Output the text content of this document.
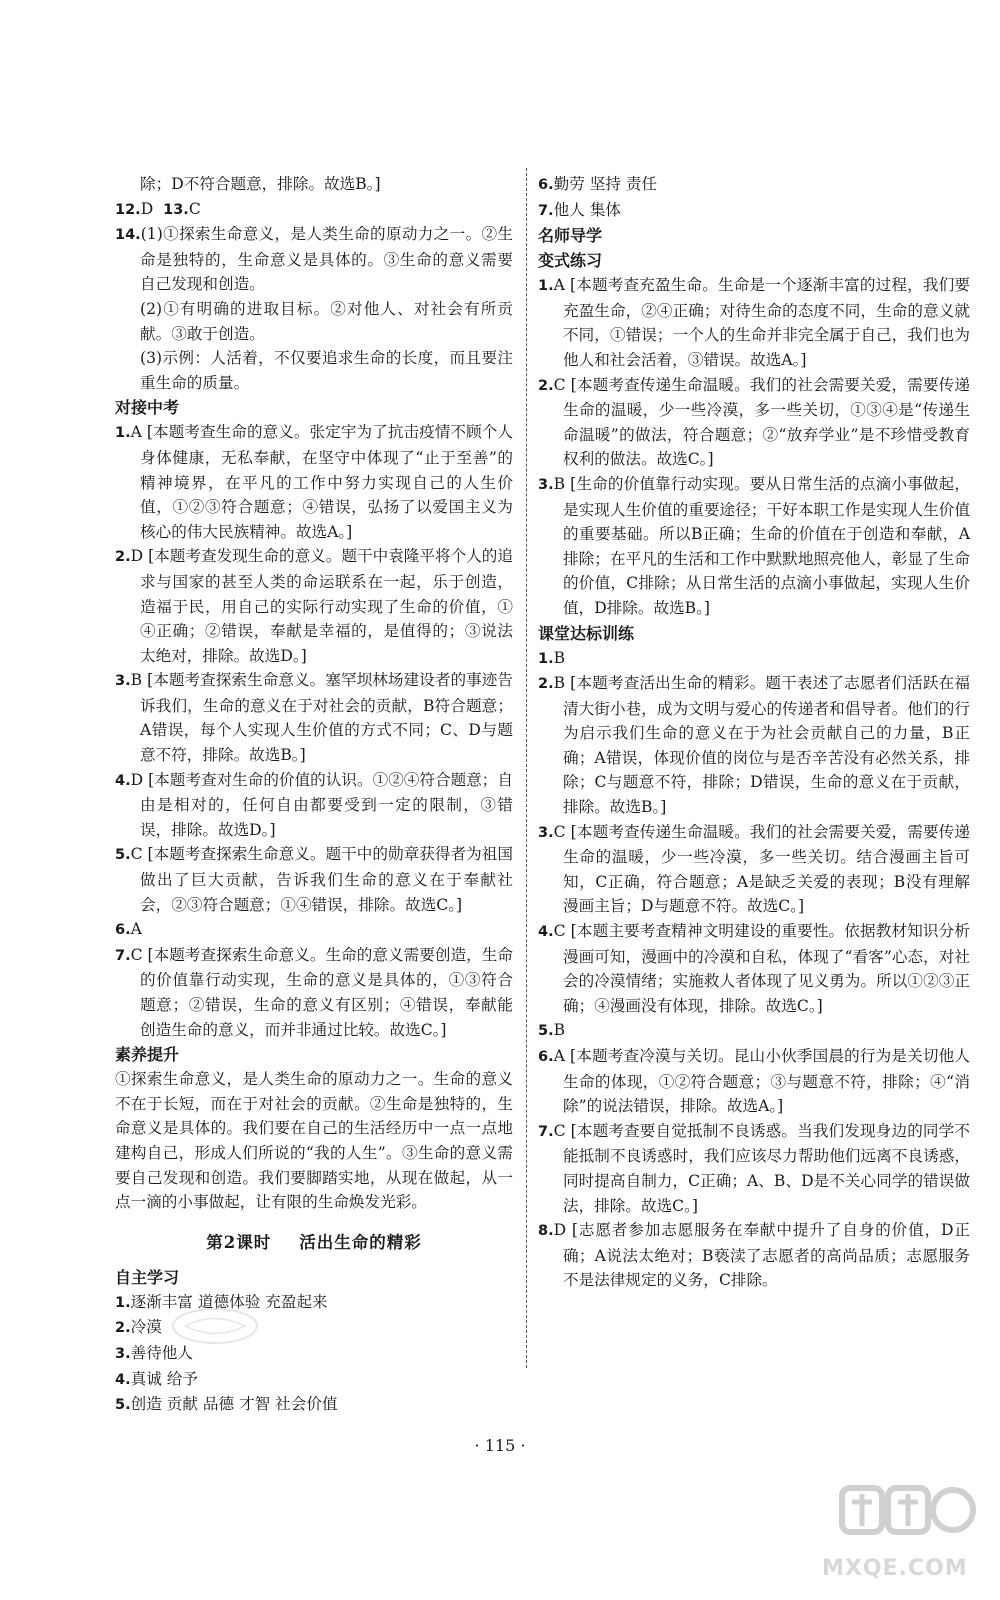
除；D不符合题意，排除。故选B。]

12.D 13.C

14.(1)①探索生命意义，是人类生命的原动力之一。②生命是独特的，生命意义是具体的。③生命的意义需要自己发现和创造。

(2)①有明确的进取目标。②对他人、对社会有所贡献。③敢于创造。

(3)示例：人活着，不仅要追求生命的长度，而且要注重生命的质量。

对接中考

1.A [本题考查生命的意义。张定宇为了抗击疫情不顾个人身体健康，无私奉献，在坚守中体现了“止于至善”的精神境界，在平凡的工作中努力实现自己的人生价值，①②③符合题意；④错误，弘扬了以爱国主义为核心的伟大民族精神。故选A。]

2.D [本题考查发现生命的意义。题干中袁隆平将个人的追求与国家的甚至人类的命运联系在一起，乐于创造，造福于民，用自己的实际行动实现了生命的价值，①④正确；②错误，奉献是幸福的，是值得的；③说法太绝对，排除。故选D。]

3.B [本题考查探索生命意义。塞罕坝林场建设者的事迹告诉我们，生命的意义在于对社会的贡献，B符合题意；A错误，每个人实现人生价值的方式不同；C、D与题意不符，排除。故选B。]

4.D [本题考查对生命的价值的认识。①②④符合题意；自由是相对的，任何自由都要受到一定的限制，③错误，排除。故选D。]

5.C [本题考查探索生命意义。题干中的勋章获得者为祖国做出了巨大贡献，告诉我们生命的意义在于奉献社会，②③符合题意；①④错误，排除。故选C。]

6.A

7.C [本题考查探索生命意义。生命的意义需要创造，生命的价值靠行动实现，生命的意义是具体的，①③符合题意；②错误，生命的意义有区别；④错误，奉献能创造生命的意义，而并非通过比较。故选C。]

素养提升

①探索生命意义，是人类生命的原动力之一。生命的意义不在于长短，而在于对社会的贡献。②生命是独特的，生命意义是具体的。我们要在自己的生活经历中一点一点地建构自己，形成人们所说的“我的人生”。③生命的意义需要自己发现和创造。我们要脚踏实地，从现在做起，从一点一滴的小事做起，让有限的生命焕发光彩。

第2课时 活出生命的精彩

自主学习

1.逐渐丰富 道德体验 充盈起来

2.冷漠

3.善待他人

4.真诚 给予

5.创造 贡献 品德 才智 社会价值

6.勤劳 坚持 责任

7.他人 集体

名师导学

变式练习

1.A [本题考查充盈生命。生命是一个逐渐丰富的过程，我们要充盈生命，②④正确；对待生命的态度不同，生命的意义就不同，①错误；一个人的生命并非完全属于自己，我们也为他人和社会活着，③错误。故选A。]

2.C [本题考查传递生命温暖。我们的社会需要关爱，需要传递生命的温暖，少一些冷漠，多一些关切，①③④是“传递生命温暖”的做法，符合题意；②“放弃学业”是不珍惜受教育权利的做法。故选C。]

3.B [生命的价值靠行动实现。要从日常生活的点滴小事做起，是实现人生价值的重要途径；干好本职工作是实现人生价值的重要基础。所以B正确；生命的价值在于创造和奉献，A排除；在平凡的生活和工作中默默地照亮他人，彰显了生命的价值，C排除；从日常生活的点滴小事做起，实现人生价值，D排除。故选B。]

课堂达标训练

1.B

2.B [本题考查活出生命的精彩。题干表述了志愿者们活跃在福清大街小巷，成为文明与爱心的传递者和倡导者。他们的行为启示我们生命的意义在于为社会贡献自己的力量，B正确；A错误，体现价值的岗位与是否辛苦没有必然关系，排除；C与题意不符，排除；D错误，生命的意义在于贡献，排除。故选B。]

3.C [本题考查传递生命温暖。我们的社会需要关爱，需要传递生命的温暖，少一些冷漠，多一些关切。结合漫画主旨可知，C正确，符合题意；A是缺乏关爱的表现；B没有理解漫画主旨；D与题意不符。故选C。]

4.C [本题主要考查精神文明建设的重要性。依据教材知识分析漫画可知，漫画中的冷漠和自私，体现了“看客”心态，对社会的冷漠情绪；实施救人者体现了见义勇为。所以①②③正确；④漫画没有体现，排除。故选C。]

5.B

6.A [本题考查冷漠与关切。昆山小伙季国晨的行为是关切他人生命的体现，①②符合题意；③与题意不符，排除；④“消除”的说法错误，排除。故选A。]

7.C [本题考查要自觉抵制不良诱惑。当我们发现身边的同学不能抵制不良诱惑时，我们应该尽力帮助他们远离不良诱惑，同时提高自制力，C正确；A、B、D是不关心同学的错误做法，排除。故选C。]

8.D [志愿者参加志愿服务在奉献中提升了自身的价值，D正确；A说法太绝对；B亵渎了志愿者的高尚品质；志愿服务不是法律规定的义务，C排除。

· 115 ·
MXQE.COM
